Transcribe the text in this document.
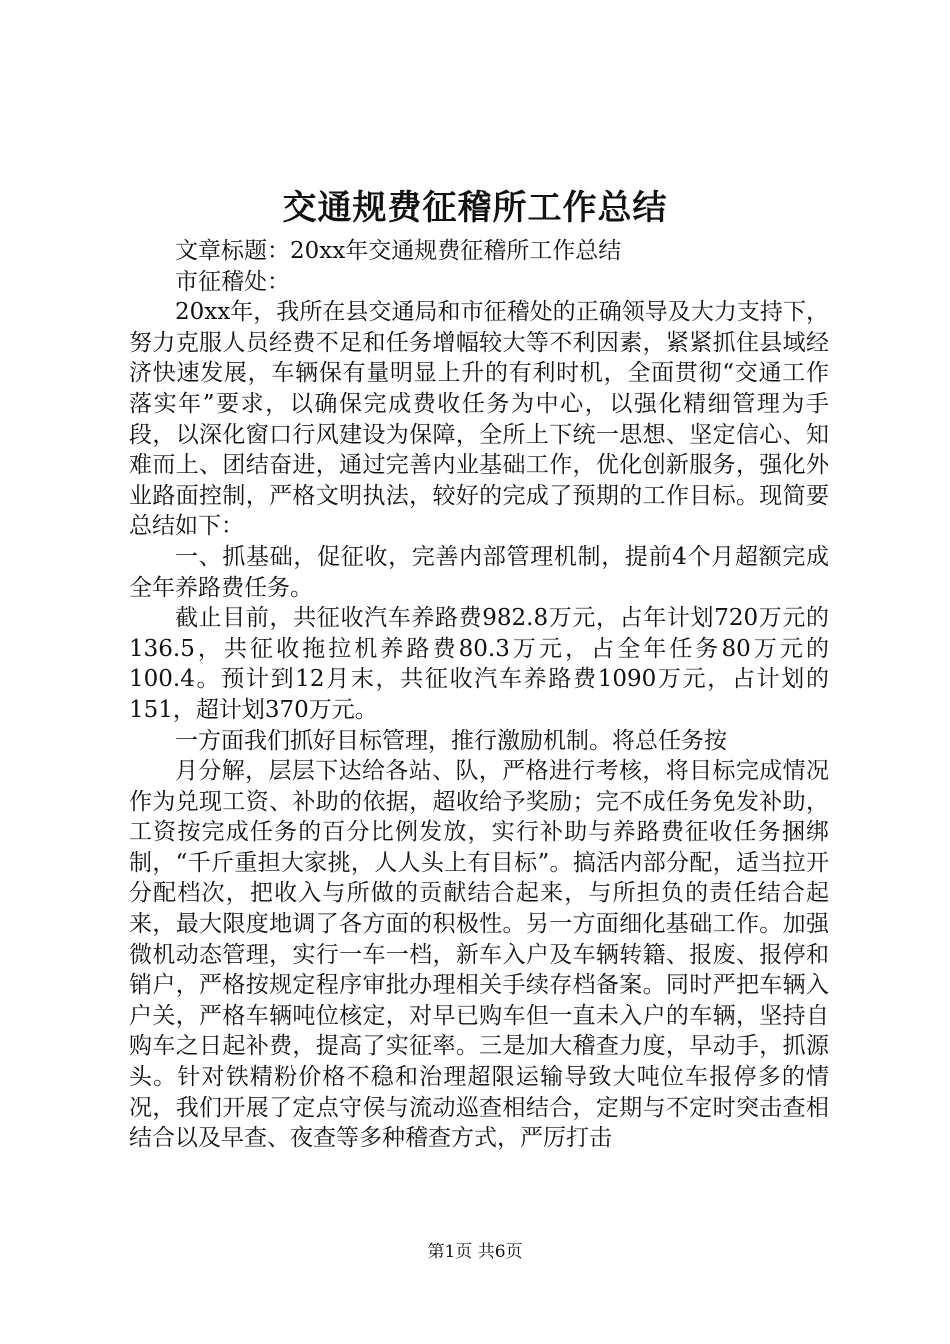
交通规费征稽所工作总结

文章标题：20xx年交通规费征稽所工作总结

市征稽处：

20xx年，我所在县交通局和市征稽处的正确领导及大力支持下，努力克服人员经费不足和任务增幅较大等不利因素，紧紧抓住县域经济快速发展，车辆保有量明显上升的有利时机，全面贯彻“交通工作落实年”要求，以确保完成费收任务为中心，以强化精细管理为手段，以深化窗口行风建设为保障，全所上下统一思想、坚定信心、知难而上、团结奋进，通过完善内业基础工作，优化创新服务，强化外业路面控制，严格文明执法，较好的完成了预期的工作目标。现简要总结如下：

一、抓基础，促征收，完善内部管理机制，提前4个月超额完成全年养路费任务。

截止目前，共征收汽车养路费982.8万元，占年计划720万元的136.5，共征收拖拉机养路费80.3万元，占全年任务80万元的100.4。预计到12月末，共征收汽车养路费1090万元，占计划的151，超计划370万元。

一方面我们抓好目标管理，推行激励机制。将总任务按

月分解，层层下达给各站、队，严格进行考核，将目标完成情况作为兑现工资、补助的依据，超收给予奖励；完不成任务免发补助，工资按完成任务的百分比例发放，实行补助与养路费征收任务捆绑制，“千斤重担大家挑，人人头上有目标”。搞活内部分配，适当拉开分配档次，把收入与所做的贡献结合起来，与所担负的责任结合起来，最大限度地调了各方面的积极性。另一方面细化基础工作。加强微机动态管理，实行一车一档，新车入户及车辆转籍、报废、报停和销户，严格按规定程序审批办理相关手续存档备案。同时严把车辆入户关，严格车辆吨位核定，对早已购车但一直未入户的车辆，坚持自购车之日起补费，提高了实征率。三是加大稽查力度，早动手，抓源头。针对铁精粉价格不稳和治理超限运输导致大吨位车报停多的情况，我们开展了定点守侯与流动巡查相结合，定期与不定时突击查相结合以及早查、夜查等多种稽查方式，严厉打击

第1页 共6页
